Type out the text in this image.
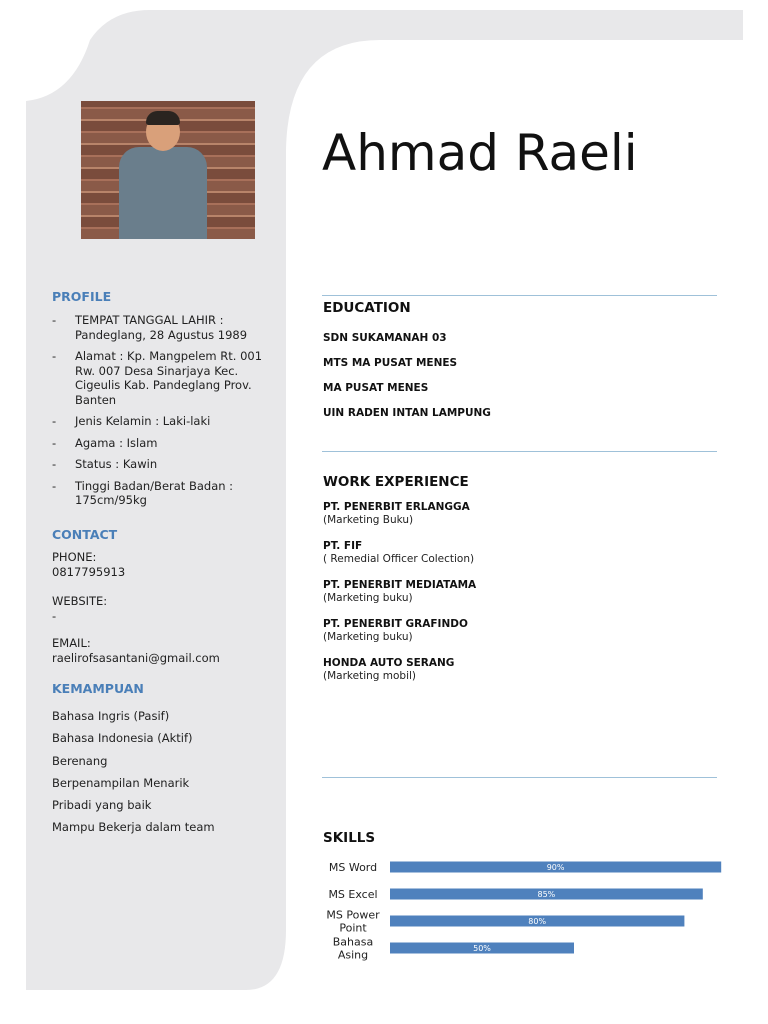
PROFILE
- TEMPAT TANGGAL LAHIR : Pandeglang, 28 Agustus 1989
- Alamat : Kp. Mangpelem Rt. 001 Rw. 007 Desa Sinarjaya Kec. Cigeulis Kab. Pandeglang Prov. Banten
- Jenis Kelamin : Laki-laki
- Agama : Islam
- Status : Kawin
- Tinggi Badan/Berat Badan : 175cm/95kg
CONTACT
PHONE:
0817795913
WEBSITE:
-
EMAIL:
raelirofsasantani@gmail.com
KEMAMPUAN
Bahasa Ingris (Pasif)
Bahasa Indonesia (Aktif)
Berenang
Berpenampilan Menarik
Pribadi yang baik
Mampu Bekerja dalam team
Ahmad Raeli
EDUCATION
SDN SUKAMANAH 03
MTS MA PUSAT MENES
MA PUSAT MENES
UIN RADEN INTAN LAMPUNG
WORK EXPERIENCE
PT. PENERBIT ERLANGGA
(Marketing Buku)
PT. FIF
( Remedial Officer Colection)
PT. PENERBIT MEDIATAMA
(Marketing buku)
PT. PENERBIT GRAFINDO
(Marketing buku)
HONDA AUTO SERANG
(Marketing mobil)
SKILLS
90%
MS Word
85%
MS Excel
80%
MS Power Point
50%
Bahasa Asing
